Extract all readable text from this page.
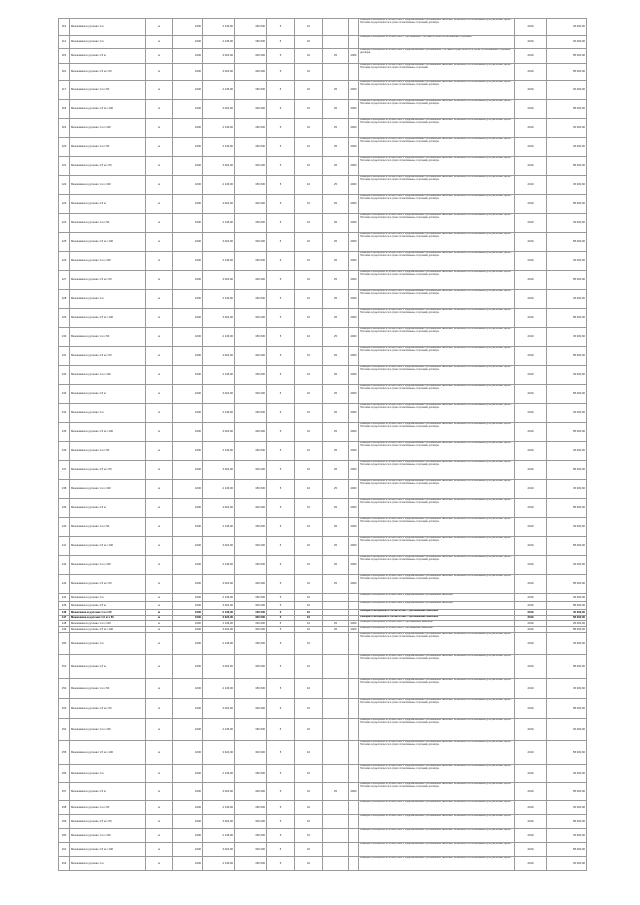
113	Мешковина в рулонах 1 м	м	1000	2 136,00	150 000	5	10			Размеры и материалы в соответствии с предъявляемыми требованиями заказчика. Возможность использования для различных целей. Поставка осуществляется в сроки согласованные сторонами договора.	2019	45 000,00
114	Мешковина в рулонах 1 м	м	1000	2 136,00	150 000	5	10			Размеры и материалы в соответствии с требованиями. Поставка в сроки согласованные сторонами.	2019	45 000,00
115	Мешковина в рулонах 1,5 м	м	1000	3 024,00	320 000	5	10	25	2000	Размеры и материалы в соответствии с предъявляемыми требованиями. Поставка осуществляется в сроки согласованные сторонами договора.	2019	58 000,00
116	Мешковина в рулонах 1,5 м х 50	м	1000	3 024,00	320 000	5	10			Размеры и материалы в соответствии с предъявляемыми требованиями заказчика. Возможность использования для различных целей. Поставка осуществляется в сроки согласованные сторонами.	2019	58 000,00
117	Мешковина в рулонах 1 м х 50	м	1000	2 136,00	150 000	5	10	25	2000	Размеры и материалы в соответствии с предъявляемыми требованиями заказчика. Возможность использования для различных целей. Поставка осуществляется в сроки согласованные сторонами договора.	2019	45 000,00
118	Мешковина в рулонах 1,5 м х 100	м	1000	3 024,00	320 000	5	10	25	2000	Размеры и материалы в соответствии с предъявляемыми требованиями заказчика. Возможность использования для различных целей. Поставка осуществляется в сроки согласованные сторонами договора.	2019	58 000,00
119	Мешковина в рулонах 1 м х 100	м	1000	2 136,00	150 000	5	10	25	2000	Размеры и материалы в соответствии с предъявляемыми требованиями заказчика. Возможность использования для различных целей. Поставка осуществляется в сроки согласованные сторонами договора.	2019	45 000,00
120	Мешковина в рулонах 1 м х 50	м	1000	2 136,00	150 000	5	10	25	2000	Размеры и материалы в соответствии с предъявляемыми требованиями заказчика. Возможность использования для различных целей. Поставка осуществляется в сроки согласованные сторонами договора.	2019	45 000,00
121	Мешковина в рулонах 1,5 м х 50	м	1000	3 024,00	320 000	5	10	25	2000	Размеры и материалы в соответствии с предъявляемыми требованиями заказчика. Возможность использования для различных целей. Поставка осуществляется в сроки согласованные сторонами договора.	2019	58 000,00
122	Мешковина в рулонах 1 м х 100	м	1000	2 136,00	150 000	5	10	25	2000	Размеры и материалы в соответствии с предъявляемыми требованиями заказчика. Возможность использования для различных целей. Поставка осуществляется в сроки согласованные сторонами договора.	2019	45 000,00
123	Мешковина в рулонах 1,5 м	м	1000	3 024,00	320 000	5	10	25	2000	Размеры и материалы в соответствии с предъявляемыми требованиями заказчика. Возможность использования для различных целей. Поставка осуществляется в сроки согласованные сторонами договора.	2019	58 000,00
124	Мешковина в рулонах 1 м х 50	м	1000	2 136,00	150 000	5	10	25	2000	Размеры и материалы в соответствии с предъявляемыми требованиями заказчика. Возможность использования для различных целей. Поставка осуществляется в сроки согласованные сторонами договора.	2019	45 000,00
125	Мешковина в рулонах 1,5 м х 100	м	1000	3 024,00	320 000	5	10	25	2000	Размеры и материалы в соответствии с предъявляемыми требованиями заказчика. Возможность использования для различных целей. Поставка осуществляется в сроки согласованные сторонами договора.	2019	58 000,00
126	Мешковина в рулонах 1 м х 100	м	1000	2 136,00	150 000	5	10	25	2000	Размеры и материалы в соответствии с предъявляемыми требованиями заказчика. Возможность использования для различных целей. Поставка осуществляется в сроки согласованные сторонами договора.	2019	45 000,00
127	Мешковина в рулонах 1,5 м х 50	м	1000	3 024,00	320 000	5	10	25	2000	Размеры и материалы в соответствии с предъявляемыми требованиями заказчика. Возможность использования для различных целей. Поставка осуществляется в сроки согласованные сторонами договора.	2019	58 000,00
128	Мешковина в рулонах 1 м	м	1000	2 136,00	150 000	5	10	25	2000	Размеры и материалы в соответствии с предъявляемыми требованиями заказчика. Возможность использования для различных целей. Поставка осуществляется в сроки согласованные сторонами договора.	2019	45 000,00
129	Мешковина в рулонах 1,5 м х 100	м	1000	3 024,00	320 000	5	10	25	2000	Размеры и материалы в соответствии с предъявляемыми требованиями заказчика. Возможность использования для различных целей. Поставка осуществляется в сроки согласованные сторонами договора.	2019	58 000,00
130	Мешковина в рулонах 1 м х 50	м	1000	2 136,00	150 000	5	10	25	2000	Размеры и материалы в соответствии с предъявляемыми требованиями заказчика. Возможность использования для различных целей. Поставка осуществляется в сроки согласованные сторонами договора.	2019	45 000,00
131	Мешковина в рулонах 1,5 м х 50	м	1000	3 024,00	320 000	5	10	25	2000	Размеры и материалы в соответствии с предъявляемыми требованиями заказчика. Возможность использования для различных целей. Поставка осуществляется в сроки согласованные сторонами договора.	2019	58 000,00
132	Мешковина в рулонах 1 м х 100	м	1000	2 136,00	150 000	5	10	25	2000	Размеры и материалы в соответствии с предъявляемыми требованиями заказчика. Возможность использования для различных целей. Поставка осуществляется в сроки согласованные сторонами договора.	2019	45 000,00
133	Мешковина в рулонах 1,5 м	м	1000	3 024,00	320 000	5	10	25	2000	Размеры и материалы в соответствии с предъявляемыми требованиями заказчика. Возможность использования для различных целей. Поставка осуществляется в сроки согласованные сторонами договора.	2019	58 000,00
134	Мешковина в рулонах 1 м	м	1000	2 136,00	150 000	5	10	25	2000	Размеры и материалы в соответствии с предъявляемыми требованиями заказчика. Возможность использования для различных целей. Поставка осуществляется в сроки согласованные сторонами договора.	2019	45 000,00
135	Мешковина в рулонах 1,5 м х 100	м	1000	3 024,00	320 000	5	10	25	2000	Размеры и материалы в соответствии с предъявляемыми требованиями заказчика. Возможность использования для различных целей. Поставка осуществляется в сроки согласованные сторонами договора.	2019	58 000,00
136	Мешковина в рулонах 1 м х 50	м	1000	2 136,00	150 000	5	10	25	2000	Размеры и материалы в соответствии с предъявляемыми требованиями заказчика. Возможность использования для различных целей. Поставка осуществляется в сроки согласованные сторонами договора.	2019	45 000,00
137	Мешковина в рулонах 1,5 м х 50	м	1000	3 024,00	320 000	5	10	25	2000	Размеры и материалы в соответствии с предъявляемыми требованиями заказчика. Возможность использования для различных целей. Поставка осуществляется в сроки согласованные сторонами договора.	2019	58 000,00
138	Мешковина в рулонах 1 м х 100	м	1000	2 136,00	150 000	5	10	25	2000	Размеры и материалы в соответствии с предъявляемыми требованиями заказчика. Возможность использования для различных целей. Поставка осуществляется в сроки согласованные сторонами договора.	2019	45 000,00
139	Мешковина в рулонах 1,5 м	м	1000	3 024,00	320 000	5	10	25	2000	Размеры и материалы в соответствии с предъявляемыми требованиями заказчика. Возможность использования для различных целей. Поставка осуществляется в сроки согласованные сторонами договора.	2019	58 000,00
140	Мешковина в рулонах 1 м х 50	м	1000	2 136,00	150 000	5	10	25	2000	Размеры и материалы в соответствии с предъявляемыми требованиями заказчика. Возможность использования для различных целей. Поставка осуществляется в сроки согласованные сторонами договора.	2019	45 000,00
141	Мешковина в рулонах 1,5 м х 100	м	1000	3 024,00	320 000	5	10	25	2000	Размеры и материалы в соответствии с предъявляемыми требованиями заказчика. Возможность использования для различных целей. Поставка осуществляется в сроки согласованные сторонами договора.	2019	58 000,00
142	Мешковина в рулонах 1 м х 100	м	1000	2 136,00	150 000	5	10	25	2000	Размеры и материалы в соответствии с предъявляемыми требованиями заказчика. Возможность использования для различных целей. Поставка осуществляется в сроки согласованные сторонами договора.	2019	45 000,00
143	Мешковина в рулонах 1,5 м х 50	м	1000	3 024,00	320 000	5	10	25	2000	Размеры и материалы в соответствии с предъявляемыми требованиями заказчика. Возможность использования для различных целей. Поставка осуществляется в сроки согласованные сторонами договора.	2019	58 000,00
144	Мешковина в рулонах 1 м	м	1000	2 136,00	150 000	5	10			Размеры и материалы в соответствии с предъявляемыми требованиями заказчика.	2019	45 000,00
145	Мешковина в рулонах 1,5 м	м	1000	3 024,00	320 000	5	10			Размеры и материалы в соответствии с предъявляемыми требованиями заказчика.	2019	58 000,00
146	Мешковина в рулонах 1 м х 50	м	1000	2 136,00	150 000	5	10			Размеры и материалы в соответствии с требованиями заказчика.	2019	45 000,00
147	Мешковина в рулонах 1,5 м х 50	м	1000	3 024,00	320 000	5	10			Размеры и материалы в соответствии с требованиями заказчика.	2019	58 000,00
148	Мешковина в рулонах 1 м х 100	м	1000	2 136,00	150 000	5	10	25	2000	Размеры и материалы в соответствии с требованиями заказчика.	2019	45 000,00
149	Мешковина в рулонах 1,5 м х 100	м	1000	3 024,00	320 000	5	10	25	2000	Размеры и материалы в соответствии с требованиями заказчика.	2019	58 000,00
150	Мешковина в рулонах 1 м	м	1000	2 136,00	150 000	5	10			Размеры и материалы в соответствии с предъявляемыми требованиями заказчика. Возможность использования для различных целей. Поставка осуществляется в сроки согласованные сторонами договора.	2019	45 000,00
151	Мешковина в рулонах 1,5 м	м	1000	3 024,00	320 000	5	10			Размеры и материалы в соответствии с предъявляемыми требованиями заказчика. Возможность использования для различных целей. Поставка осуществляется в сроки согласованные сторонами договора.	2019	58 000,00
152	Мешковина в рулонах 1 м х 50	м	1000	2 136,00	150 000	5	10			Размеры и материалы в соответствии с предъявляемыми требованиями заказчика. Возможность использования для различных целей. Поставка осуществляется в сроки согласованные сторонами договора.	2019	45 000,00
153	Мешковина в рулонах 1,5 м х 50	м	1000	3 024,00	320 000	5	10			Размеры и материалы в соответствии с предъявляемыми требованиями заказчика. Возможность использования для различных целей. Поставка осуществляется в сроки согласованные сторонами договора.	2019	58 000,00
154	Мешковина в рулонах 1 м х 100	м	1000	2 136,00	150 000	5	10			Размеры и материалы в соответствии с предъявляемыми требованиями заказчика. Возможность использования для различных целей. Поставка осуществляется в сроки согласованные сторонами договора.	2019	45 000,00
155	Мешковина в рулонах 1,5 м х 100	м	1000	3 024,00	320 000	5	10			Размеры и материалы в соответствии с предъявляемыми требованиями заказчика. Возможность использования для различных целей. Поставка осуществляется в сроки согласованные сторонами договора.	2019	58 000,00
156	Мешковина в рулонах 1 м	м	1000	2 136,00	150 000	5	10			Размеры и материалы в соответствии с предъявляемыми требованиями заказчика. Возможность использования для различных целей. Поставка осуществляется в сроки согласованные сторонами договора.	2019	45 000,00
157	Мешковина в рулонах 1,5 м	м	1000	3 024,00	320 000	5	10	25	2000	Размеры и материалы в соответствии с предъявляемыми требованиями заказчика. Возможность использования для различных целей. Поставка осуществляется в сроки согласованные сторонами договора.	2019	58 000,00
158	Мешковина в рулонах 1 м х 50	м	1000	2 136,00	150 000	5	10			Размеры и материалы в соответствии с предъявляемыми требованиями заказчика. Возможность использования для различных целей.	2019	45 000,00
159	Мешковина в рулонах 1,5 м х 50	м	1000	3 024,00	320 000	5	10			Размеры и материалы в соответствии с предъявляемыми требованиями заказчика. Возможность использования для различных целей.	2019	58 000,00
160	Мешковина в рулонах 1 м х 100	м	1000	2 136,00	150 000	5	10			Размеры и материалы в соответствии с предъявляемыми требованиями заказчика. Возможность использования для различных целей.	2019	45 000,00
161	Мешковина в рулонах 1,5 м х 100	м	1000	3 024,00	320 000	5	10			Размеры и материалы в соответствии с предъявляемыми требованиями заказчика. Возможность использования для различных целей.	2019	58 000,00
162	Мешковина в рулонах 1 м	м	1000	2 136,00	150 000	5	10			Размеры и материалы в соответствии с предъявляемыми требованиями заказчика. Возможность использования для различных целей.	2019	45 000,00
